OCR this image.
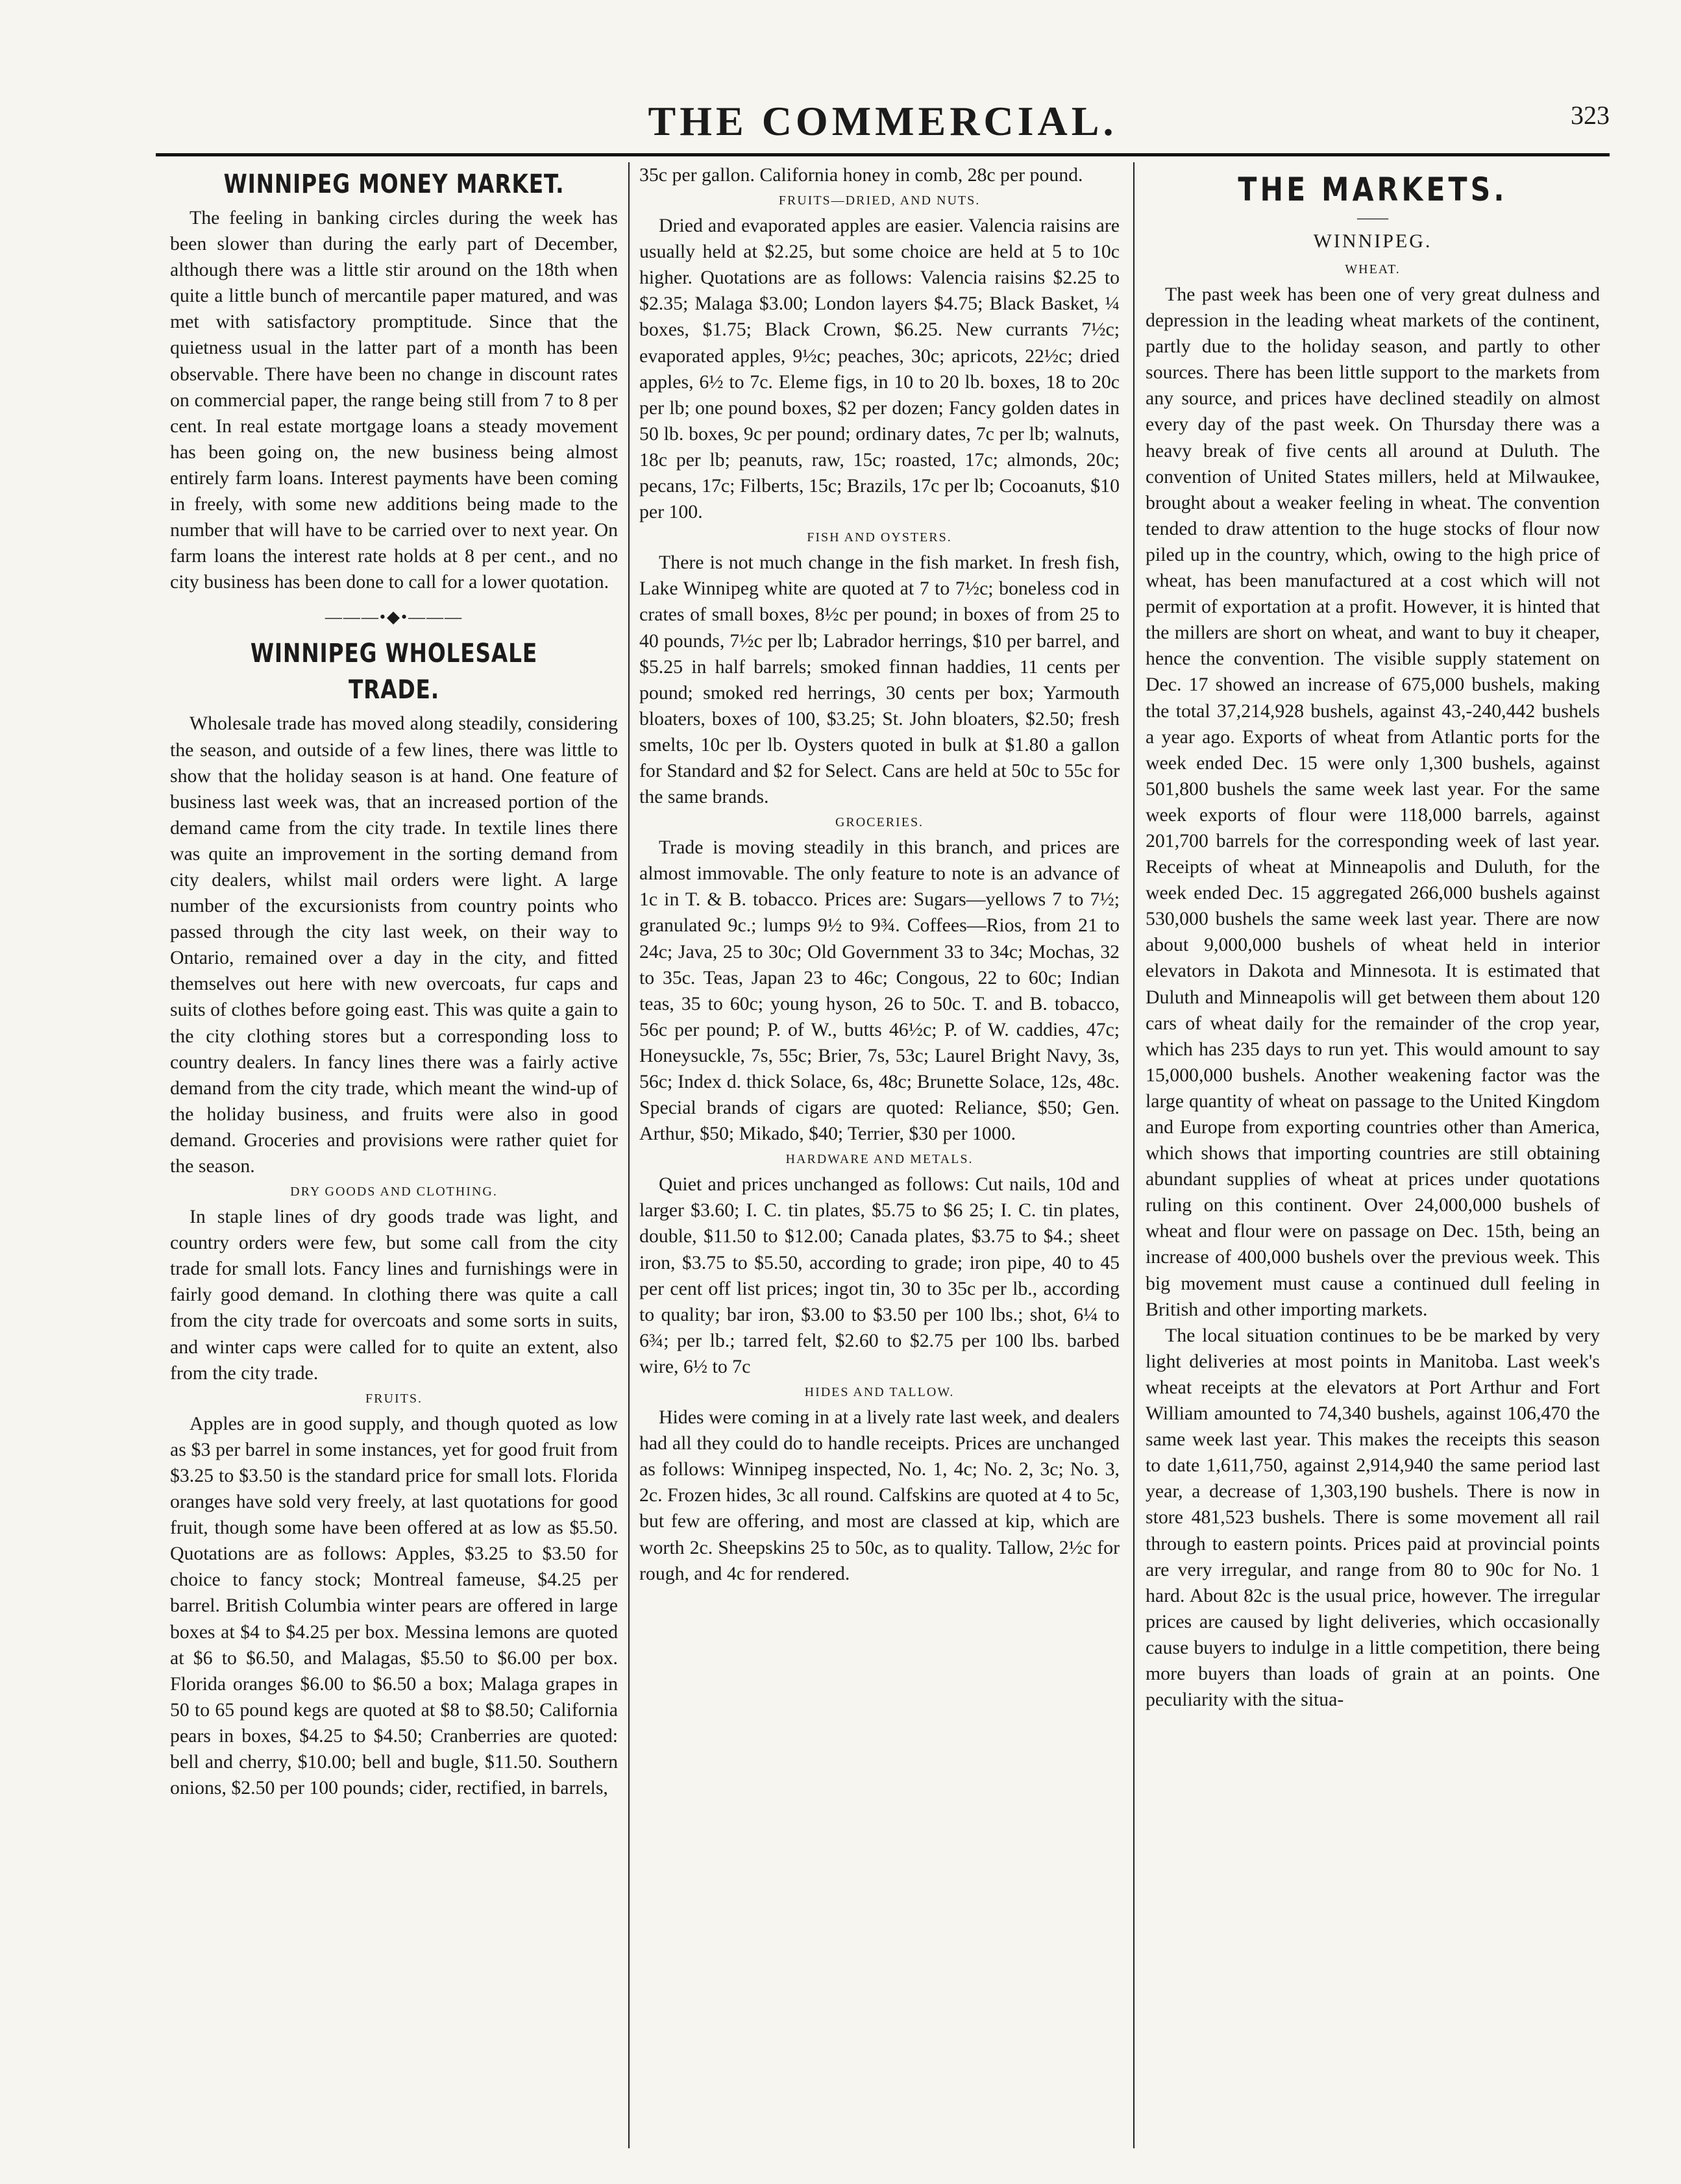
THE COMMERCIAL.	323
WINNIPEG MONEY MARKET.

The feeling in banking circles during the week has been slower than during the early part of December, although there was a little stir around on the 18th when quite a little bunch of mercantile paper matured, and was met with satisfactory promptitude. Since that the quietness usual in the latter part of a month has been observable. There have been no change in discount rates on commercial paper, the range being still from 7 to 8 per cent. In real estate mortgage loans a steady movement has been going on, the new business being almost entirely farm loans. Interest payments have been coming in freely, with some new additions being made to the number that will have to be carried over to next year. On farm loans the interest rate holds at 8 per cent., and no city business has been done to call for a lower quotation.

———•◆•———
WINNIPEG WHOLESALE TRADE.

Wholesale trade has moved along steadily, considering the season, and outside of a few lines, there was little to show that the holiday season is at hand. One feature of business last week was, that an increased portion of the demand came from the city trade. In textile lines there was quite an improvement in the sorting demand from city dealers, whilst mail orders were light. A large number of the excursionists from country points who passed through the city last week, on their way to Ontario, remained over a day in the city, and fitted themselves out here with new overcoats, fur caps and suits of clothes before going east. This was quite a gain to the city clothing stores but a corresponding loss to country dealers. In fancy lines there was a fairly active demand from the city trade, which meant the wind-up of the holiday business, and fruits were also in good demand. Groceries and provisions were rather quiet for the season.

DRY GOODS AND CLOTHING.

In staple lines of dry goods trade was light, and country orders were few, but some call from the city trade for small lots. Fancy lines and furnishings were in fairly good demand. In clothing there was quite a call from the city trade for overcoats and some sorts in suits, and winter caps were called for to quite an extent, also from the city trade.

FRUITS.

Apples are in good supply, and though quoted as low as $3 per barrel in some instances, yet for good fruit from $3.25 to $3.50 is the standard price for small lots. Florida oranges have sold very freely, at last quotations for good fruit, though some have been offered at as low as $5.50. Quotations are as follows: Apples, $3.25 to $3.50 for choice to fancy stock; Montreal fameuse, $4.25 per barrel. British Columbia winter pears are offered in large boxes at $4 to $4.25 per box. Messina lemons are quoted at $6 to $6.50, and Malagas, $5.50 to $6.00 per box. Florida oranges $6.00 to $6.50 a box; Malaga grapes in 50 to 65 pound kegs are quoted at $8 to $8.50; California pears in boxes, $4.25 to $4.50; Cranberries are quoted: bell and cherry, $10.00; bell and bugle, $11.50. Southern onions, $2.50 per 100 pounds; cider, rectified, in barrels,

35c per gallon. California honey in comb, 28c per pound.

FRUITS—DRIED, AND NUTS.

Dried and evaporated apples are easier. Valencia raisins are usually held at $2.25, but some choice are held at 5 to 10c higher. Quotations are as follows: Valencia raisins $2.25 to $2.35; Malaga $3.00; London layers $4.75; Black Basket, ¼ boxes, $1.75; Black Crown, $6.25. New currants 7½c; evaporated apples, 9½c; peaches, 30c; apricots, 22½c; dried apples, 6½ to 7c. Eleme figs, in 10 to 20 lb. boxes, 18 to 20c per lb; one pound boxes, $2 per dozen; Fancy golden dates in 50 lb. boxes, 9c per pound; ordinary dates, 7c per lb; walnuts, 18c per lb; peanuts, raw, 15c; roasted, 17c; almonds, 20c; pecans, 17c; Filberts, 15c; Brazils, 17c per lb; Cocoanuts, $10 per 100.

FISH AND OYSTERS.

There is not much change in the fish market. In fresh fish, Lake Winnipeg white are quoted at 7 to 7½c; boneless cod in crates of small boxes, 8½c per pound; in boxes of from 25 to 40 pounds, 7½c per lb; Labrador herrings, $10 per barrel, and $5.25 in half barrels; smoked finnan haddies, 11 cents per pound; smoked red herrings, 30 cents per box; Yarmouth bloaters, boxes of 100, $3.25; St. John bloaters, $2.50; fresh smelts, 10c per lb. Oysters quoted in bulk at $1.80 a gallon for Standard and $2 for Select. Cans are held at 50c to 55c for the same brands.

GROCERIES.

Trade is moving steadily in this branch, and prices are almost immovable. The only feature to note is an advance of 1c in T. & B. tobacco. Prices are: Sugars—yellows 7 to 7½; granulated 9c.; lumps 9½ to 9¾. Coffees—Rios, from 21 to 24c; Java, 25 to 30c; Old Government 33 to 34c; Mochas, 32 to 35c. Teas, Japan 23 to 46c; Congous, 22 to 60c; Indian teas, 35 to 60c; young hyson, 26 to 50c. T. and B. tobacco, 56c per pound; P. of W., butts 46½c; P. of W. caddies, 47c; Honeysuckle, 7s, 55c; Brier, 7s, 53c; Laurel Bright Navy, 3s, 56c; Index d. thick Solace, 6s, 48c; Brunette Solace, 12s, 48c. Special brands of cigars are quoted: Reliance, $50; Gen. Arthur, $50; Mikado, $40; Terrier, $30 per 1000.

HARDWARE AND METALS.

Quiet and prices unchanged as follows: Cut nails, 10d and larger $3.60; I. C. tin plates, $5.75 to $6 25; I. C. tin plates, double, $11.50 to $12.00; Canada plates, $3.75 to $4.; sheet iron, $3.75 to $5.50, according to grade; iron pipe, 40 to 45 per cent off list prices; ingot tin, 30 to 35c per lb., according to quality; bar iron, $3.00 to $3.50 per 100 lbs.; shot, 6¼ to 6¾; per lb.; tarred felt, $2.60 to $2.75 per 100 lbs. barbed wire, 6½ to 7c

HIDES AND TALLOW.

Hides were coming in at a lively rate last week, and dealers had all they could do to handle receipts. Prices are unchanged as follows: Winnipeg inspected, No. 1, 4c; No. 2, 3c; No. 3, 2c. Frozen hides, 3c all round. Calfskins are quoted at 4 to 5c, but few are offering, and most are classed at kip, which are worth 2c. Sheepskins 25 to 50c, as to quality. Tallow, 2½c for rough, and 4c for rendered.

THE MARKETS.
——
WINNIPEG.
WHEAT.

The past week has been one of very great dulness and depression in the leading wheat markets of the continent, partly due to the holiday season, and partly to other sources. There has been little support to the markets from any source, and prices have declined steadily on almost every day of the past week. On Thursday there was a heavy break of five cents all around at Duluth. The convention of United States millers, held at Milwaukee, brought about a weaker feeling in wheat. The convention tended to draw attention to the huge stocks of flour now piled up in the country, which, owing to the high price of wheat, has been manufactured at a cost which will not permit of exportation at a profit. However, it is hinted that the millers are short on wheat, and want to buy it cheaper, hence the convention. The visible supply statement on Dec. 17 showed an increase of 675,000 bushels, making the total 37,214,928 bushels, against 43,-240,442 bushels a year ago. Exports of wheat from Atlantic ports for the week ended Dec. 15 were only 1,300 bushels, against 501,800 bushels the same week last year. For the same week exports of flour were 118,000 barrels, against 201,700 barrels for the corresponding week of last year. Receipts of wheat at Minneapolis and Duluth, for the week ended Dec. 15 aggregated 266,000 bushels against 530,000 bushels the same week last year. There are now about 9,000,000 bushels of wheat held in interior elevators in Dakota and Minnesota. It is estimated that Duluth and Minneapolis will get between them about 120 cars of wheat daily for the remainder of the crop year, which has 235 days to run yet. This would amount to say 15,000,000 bushels. Another weakening factor was the large quantity of wheat on passage to the United Kingdom and Europe from exporting countries other than America, which shows that importing countries are still obtaining abundant supplies of wheat at prices under quotations ruling on this continent. Over 24,000,000 bushels of wheat and flour were on passage on Dec. 15th, being an increase of 400,000 bushels over the previous week. This big movement must cause a continued dull feeling in British and other importing markets.

The local situation continues to be be marked by very light deliveries at most points in Manitoba. Last week's wheat receipts at the elevators at Port Arthur and Fort William amounted to 74,340 bushels, against 106,470 the same week last year. This makes the receipts this season to date 1,611,750, against 2,914,940 the same period last year, a decrease of 1,303,190 bushels. There is now in store 481,523 bushels. There is some movement all rail through to eastern points. Prices paid at provincial points are very irregular, and range from 80 to 90c for No. 1 hard. About 82c is the usual price, however. The irregular prices are caused by light deliveries, which occasionally cause buyers to indulge in a little competition, there being more buyers than loads of grain at an points. One peculiarity with the situa-
